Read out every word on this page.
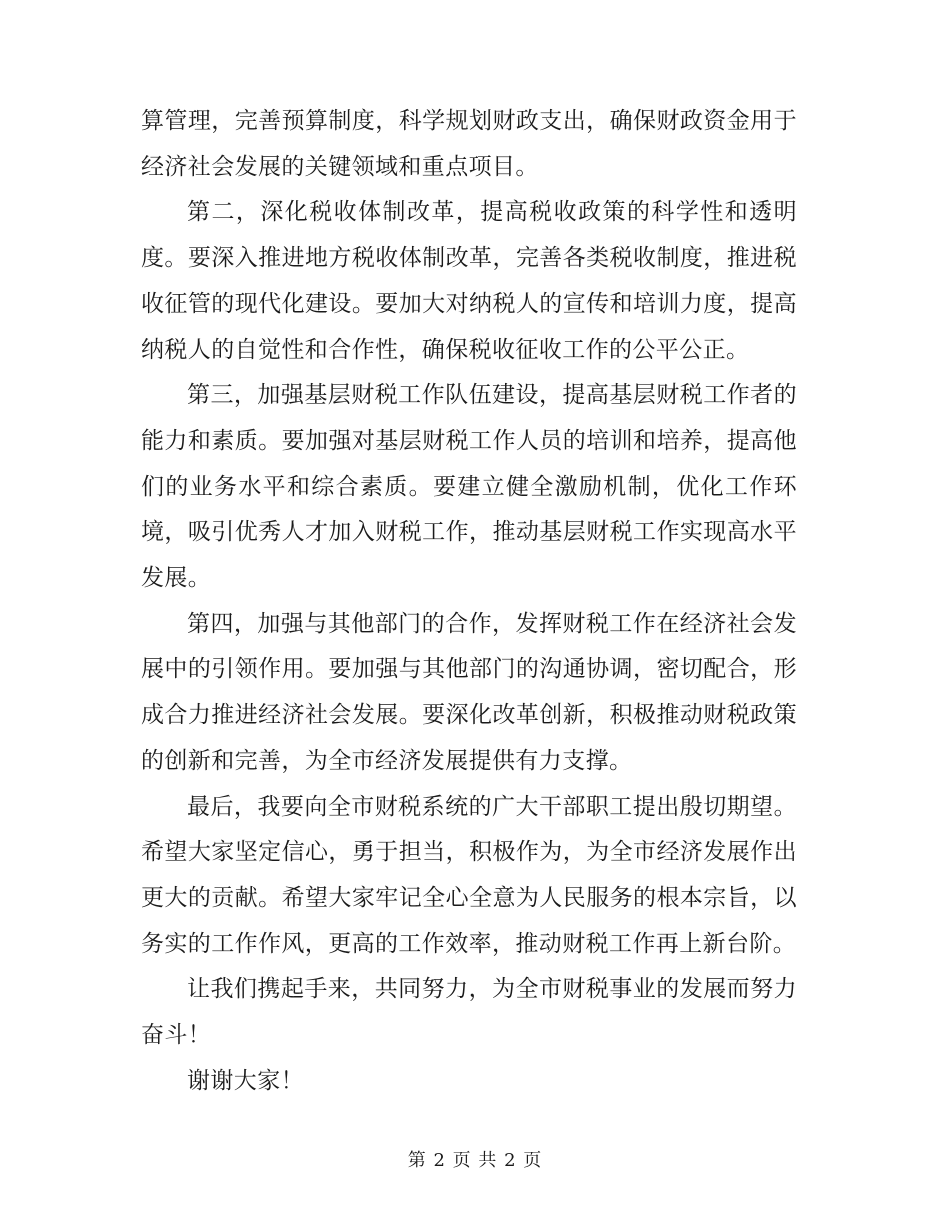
算管理，完善预算制度，科学规划财政支出，确保财政资金用于经济社会发展的关键领域和重点项目。

第二，深化税收体制改革，提高税收政策的科学性和透明度。要深入推进地方税收体制改革，完善各类税收制度，推进税收征管的现代化建设。要加大对纳税人的宣传和培训力度，提高纳税人的自觉性和合作性，确保税收征收工作的公平公正。

第三，加强基层财税工作队伍建设，提高基层财税工作者的能力和素质。要加强对基层财税工作人员的培训和培养，提高他们的业务水平和综合素质。要建立健全激励机制，优化工作环境，吸引优秀人才加入财税工作，推动基层财税工作实现高水平发展。

第四，加强与其他部门的合作，发挥财税工作在经济社会发展中的引领作用。要加强与其他部门的沟通协调，密切配合，形成合力推进经济社会发展。要深化改革创新，积极推动财税政策的创新和完善，为全市经济发展提供有力支撑。

最后，我要向全市财税系统的广大干部职工提出殷切期望。希望大家坚定信心，勇于担当，积极作为，为全市经济发展作出更大的贡献。希望大家牢记全心全意为人民服务的根本宗旨，以务实的工作作风，更高的工作效率，推动财税工作再上新台阶。

让我们携起手来，共同努力，为全市财税事业的发展而努力奋斗！

谢谢大家！

第 2 页 共 2 页
